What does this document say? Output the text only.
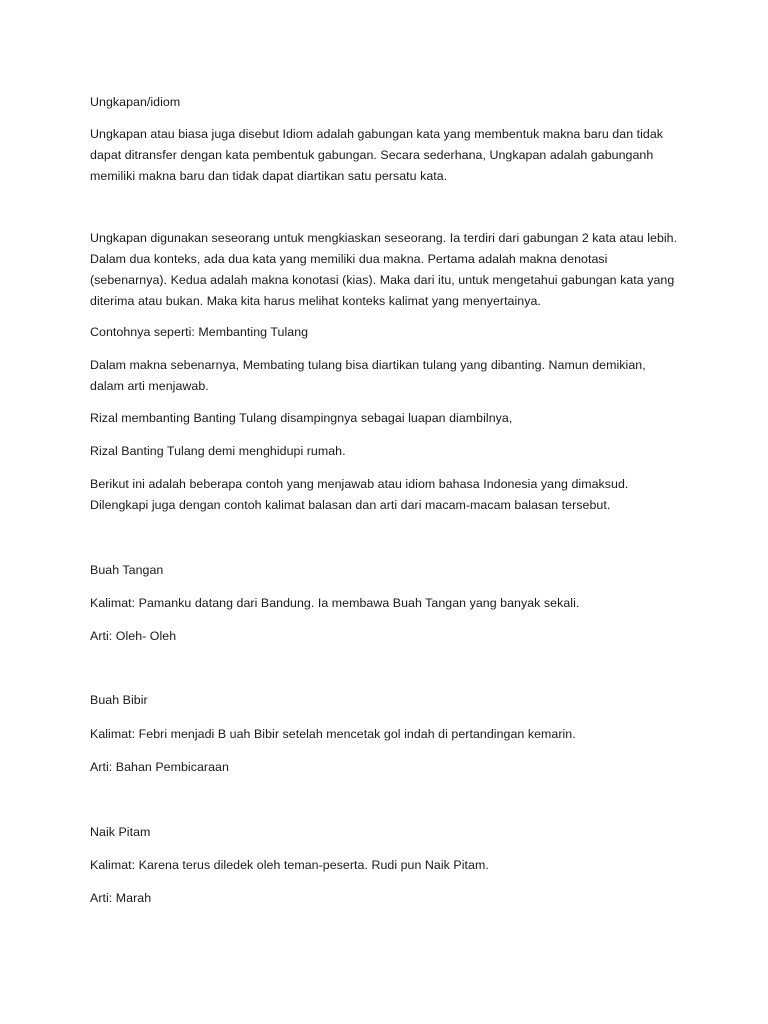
Ungkapan/idiom

Ungkapan atau biasa juga disebut Idiom adalah gabungan kata yang membentuk makna baru dan tidak dapat ditransfer dengan kata pembentuk gabungan. Secara sederhana, Ungkapan adalah gabunganh memiliki makna baru dan tidak dapat diartikan satu persatu kata.

Ungkapan digunakan seseorang untuk mengkiaskan seseorang. Ia terdiri dari gabungan 2 kata atau lebih. Dalam dua konteks, ada dua kata yang memiliki dua makna. Pertama adalah makna denotasi (sebenarnya). Kedua adalah makna konotasi (kias). Maka dari itu, untuk mengetahui gabungan kata yang diterima atau bukan. Maka kita harus melihat konteks kalimat yang menyertainya.

Contohnya seperti: Membanting Tulang

Dalam makna sebenarnya, Membating tulang bisa diartikan tulang yang dibanting. Namun demikian, dalam arti menjawab.

Rizal membanting Banting Tulang disampingnya sebagai luapan diambilnya,

Rizal Banting Tulang demi menghidupi rumah.

Berikut ini adalah beberapa contoh yang menjawab atau idiom bahasa Indonesia yang dimaksud. Dilengkapi juga dengan contoh kalimat balasan dan arti dari macam-macam balasan tersebut.

Buah Tangan

Kalimat: Pamanku datang dari Bandung. Ia membawa Buah Tangan yang banyak sekali.

Arti: Oleh- Oleh

Buah Bibir

Kalimat: Febri menjadi B uah Bibir setelah mencetak gol indah di pertandingan kemarin.

Arti: Bahan Pembicaraan

Naik Pitam

Kalimat: Karena terus diledek oleh teman-peserta. Rudi pun Naik Pitam.

Arti: Marah
